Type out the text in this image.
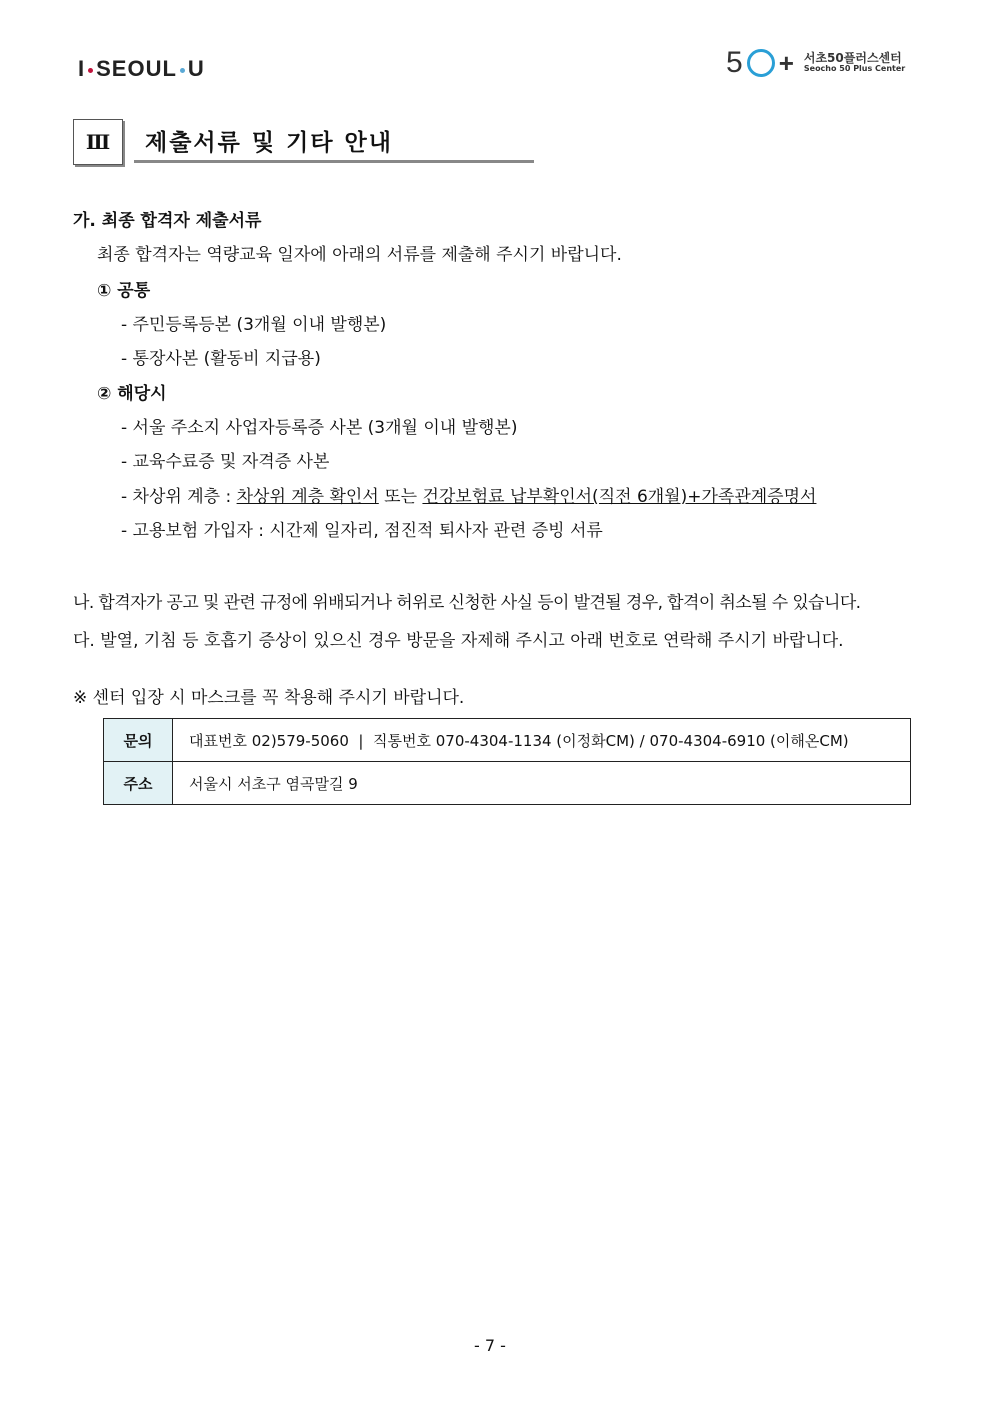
I SEOUL U	5 + 서초50플러스센터
Seocho 50 Plus Center
Ⅲ	제출서류 및 기타 안내
가. 최종 합격자 제출서류
최종 합격자는 역량교육 일자에 아래의 서류를 제출해 주시기 바랍니다.
① 공통
- 주민등록등본 (3개월 이내 발행본)
- 통장사본 (활동비 지급용)
② 해당시
- 서울 주소지 사업자등록증 사본 (3개월 이내 발행본)
- 교육수료증 및 자격증 사본
- 차상위 계층 : 차상위 계층 확인서 또는 건강보험료 납부확인서(직전 6개월)+가족관계증명서
- 고용보험 가입자 : 시간제 일자리, 점진적 퇴사자 관련 증빙 서류
나. 합격자가 공고 및 관련 규정에 위배되거나 허위로 신청한 사실 등이 발견될 경우, 합격이 취소될 수 있습니다.
다. 발열, 기침 등 호흡기 증상이 있으신 경우 방문을 자제해 주시고 아래 번호로 연락해 주시기 바랍니다.
※ 센터 입장 시 마스크를 꼭 착용해 주시기 바랍니다.
문의	대표번호 02)579-5060  |  직통번호 070-4304-1134 (이정화CM) / 070-4304-6910 (이해온CM)
주소	서울시 서초구 염곡말길 9
- 7 -
